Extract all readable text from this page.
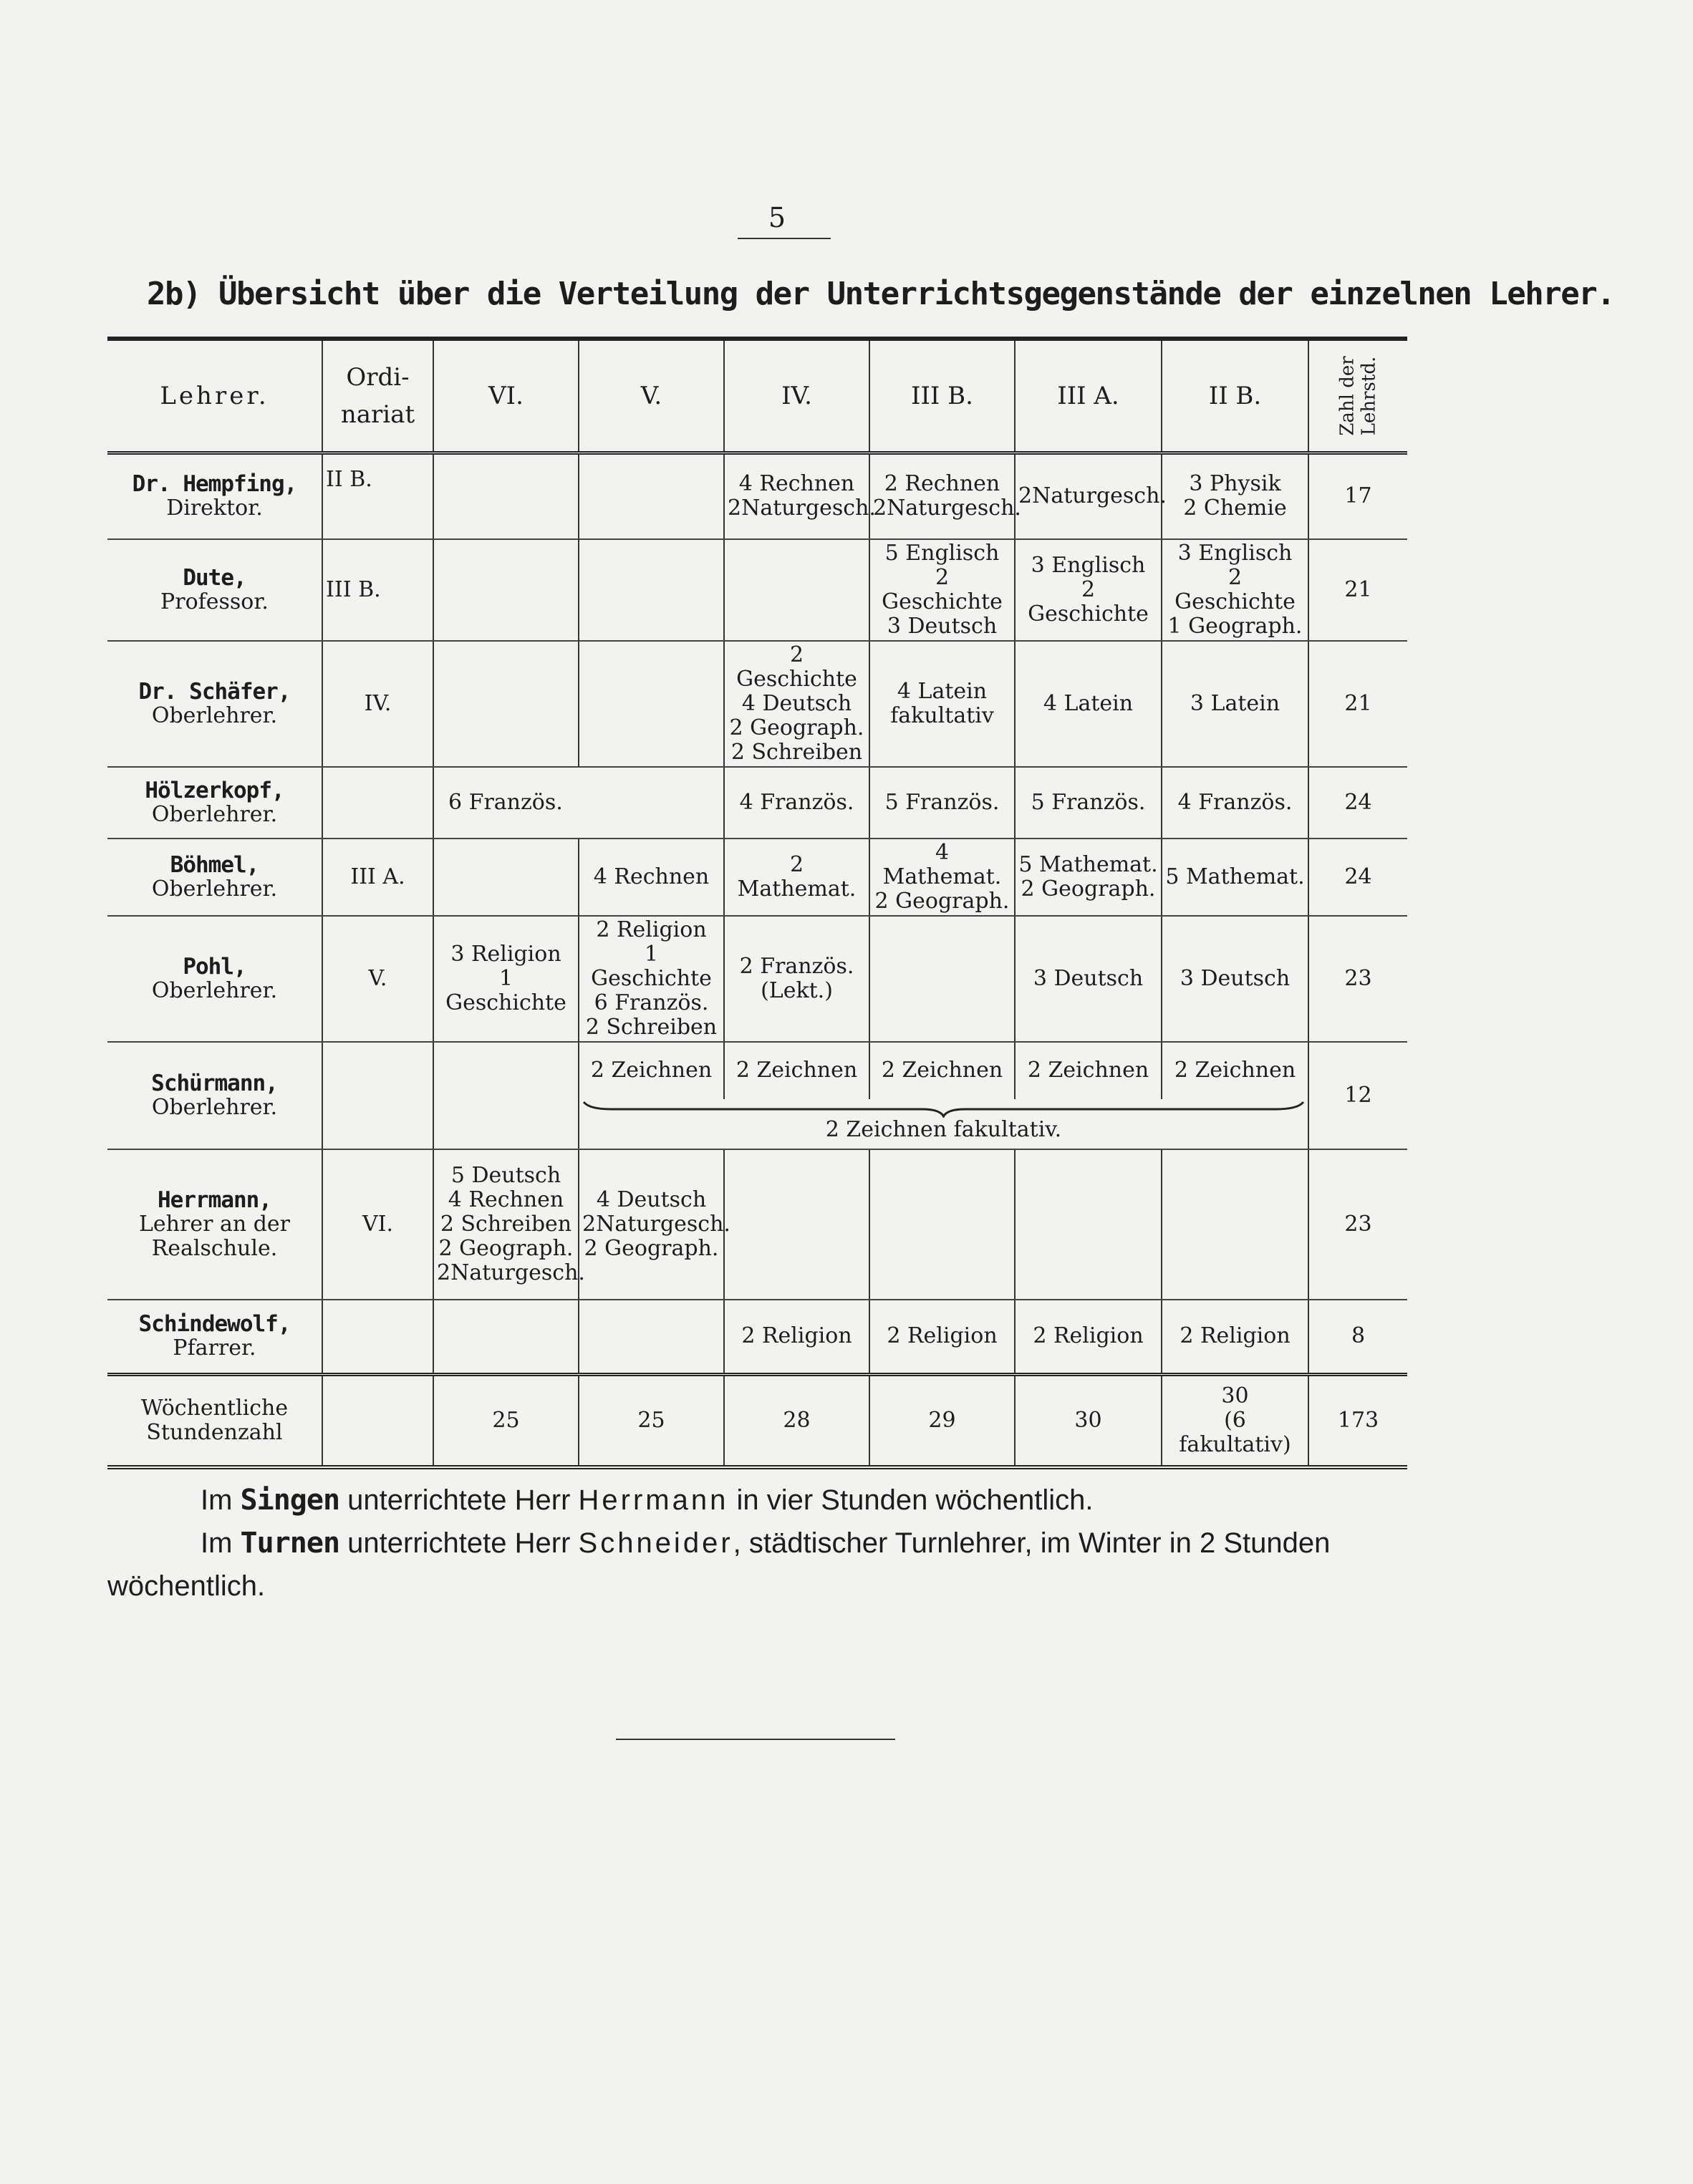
5
2b) Übersicht über die Verteilung der Unterrichtsgegenstände der einzelnen Lehrer.
Lehrer.	Ordi-
nariat	VI.	V.	IV.	III B.	III A.	II B.	Zahl der
Lehrstd.

Dr. Hempfing,
Direktor.	II B.			4 Rechnen
2Naturgesch.	2 Rechnen
2Naturgesch.	2Naturgesch.	3 Physik
2 Chemie	17

Dute,
Professor.	III B.				5 Englisch
2 Geschichte
3 Deutsch	3 Englisch
2 Geschichte	3 Englisch
2 Geschichte
1 Geograph.	21

Dr. Schäfer,
Oberlehrer.	IV.			2 Geschichte
4 Deutsch
2 Geograph.
2 Schreiben	4 Latein
fakultativ	4 Latein	3 Latein	21

Hölzerkopf,
Oberlehrer.		6 Französ.		4 Französ.	5 Französ.	5 Französ.	4 Französ.	24

Böhmel,
Oberlehrer.	III A.		4 Rechnen	2 Mathemat.	4 Mathemat.
2 Geograph.	5 Mathemat.
2 Geograph.	5 Mathemat.	24

Pohl,
Oberlehrer.	V.	3 Religion
1 Geschichte	2 Religion
1 Geschichte
6 Französ.
2 Schreiben	2 Französ.
(Lekt.)		3 Deutsch	3 Deutsch	23

Schürmann,
Oberlehrer.			2 Zeichnen	2 Zeichnen	2 Zeichnen	2 Zeichnen	2 Zeichnen	12

2 Zeichnen fakultativ.					

Herrmann,
Lehrer an der
Realschule.	VI.	5 Deutsch
4 Rechnen
2 Schreiben
2 Geograph.
2Naturgesch.	4 Deutsch
2Naturgesch.
2 Geograph.					23

Schindewolf,
Pfarrer.				2 Religion	2 Religion	2 Religion	2 Religion	8
Wöchentliche
Stundenzahl		25	25	28	29	30	30
(6 fakultativ)	173

Im Singen unterrichtete Herr Herrmann in vier Stunden wöchentlich.

Im Turnen unterrichtete Herr Schneider, städtischer Turnlehrer, im Winter in 2 Stunden wöchentlich.
